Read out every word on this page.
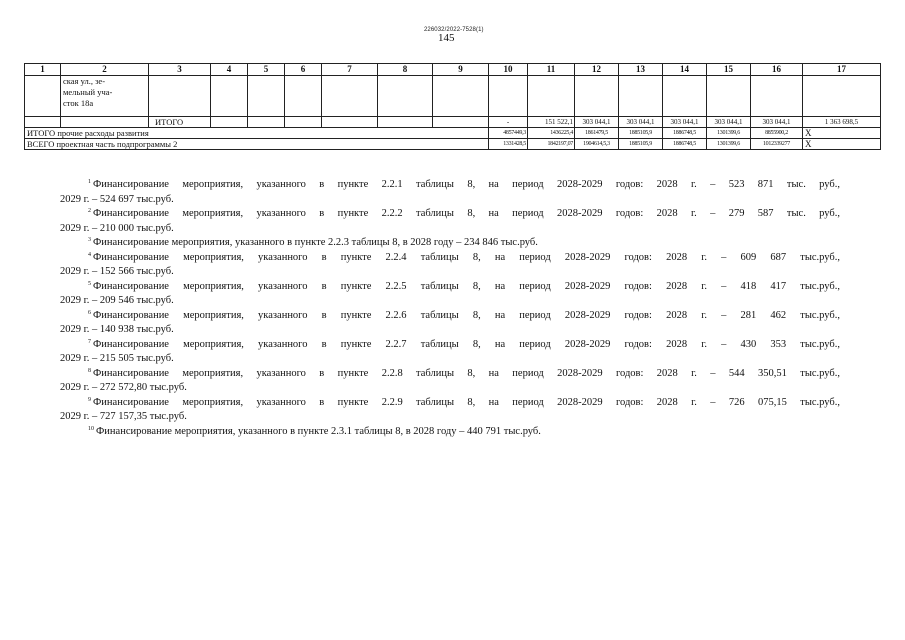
226032/2022-7528(1)
145
1	2	3	4	5	6	7	8	9	10	11	12	13	14	15	16	17
	ская ул., зе-
мельный уча-
сток 18а															
		ИТОГО							-	151 522,1	303 044,1	303 044,1	303 044,1	303 044,1	303 044,1	1 363 698,5
ИТОГО прочие расходы развития									4857449,3	1436225,4	1861479,5	1885105,9	1886748,5	1301399,6	8855900,2	Х
ВСЕГО проектная часть подпрограммы 2									1331428,5	1842197,07	1904614,5,3	1885105,9	1886748,5	1301399,6	1012339277	Х

$^1$ Финансирование мероприятия, указанного в пункте 2.2.1 таблицы 8, на период 2028-2029 годов: 2028 г. – 523 871 тыс. руб.,
2029 г. – 524 697 тыс.руб.

$^2$ Финансирование мероприятия, указанного в пункте 2.2.2 таблицы 8, на период 2028-2029 годов: 2028 г. – 279 587 тыс. руб.,
2029 г. – 210 000 тыс.руб.

$^3$ Финансирование мероприятия, указанного в пункте 2.2.3 таблицы 8, в 2028 году – 234 846 тыс.руб.

$^4$ Финансирование мероприятия, указанного в пункте 2.2.4 таблицы 8, на период 2028-2029 годов: 2028 г. – 609 687 тыс.руб.,
2029 г. – 152 566 тыс.руб.

$^5$ Финансирование мероприятия, указанного в пункте 2.2.5 таблицы 8, на период 2028-2029 годов: 2028 г. – 418 417 тыс.руб.,
2029 г. – 209 546 тыс.руб.

$^6$ Финансирование мероприятия, указанного в пункте 2.2.6 таблицы 8, на период 2028-2029 годов: 2028 г. – 281 462 тыс.руб.,
2029 г. – 140 938 тыс.руб.

$^7$ Финансирование мероприятия, указанного в пункте 2.2.7 таблицы 8, на период 2028-2029 годов: 2028 г. – 430 353 тыс.руб.,
2029 г. – 215 505 тыс.руб.

$^8$ Финансирование мероприятия, указанного в пункте 2.2.8 таблицы 8, на период 2028-2029 годов: 2028 г. – 544 350,51 тыс.руб.,
2029 г. – 272 572,80 тыс.руб.

$^9$ Финансирование мероприятия, указанного в пункте 2.2.9 таблицы 8, на период 2028-2029 годов: 2028 г. – 726 075,15 тыс.руб.,
2029 г. – 727 157,35 тыс.руб.

$^{10}$ Финансирование мероприятия, указанного в пункте 2.3.1 таблицы 8, в 2028 году – 440 791 тыс.руб.
